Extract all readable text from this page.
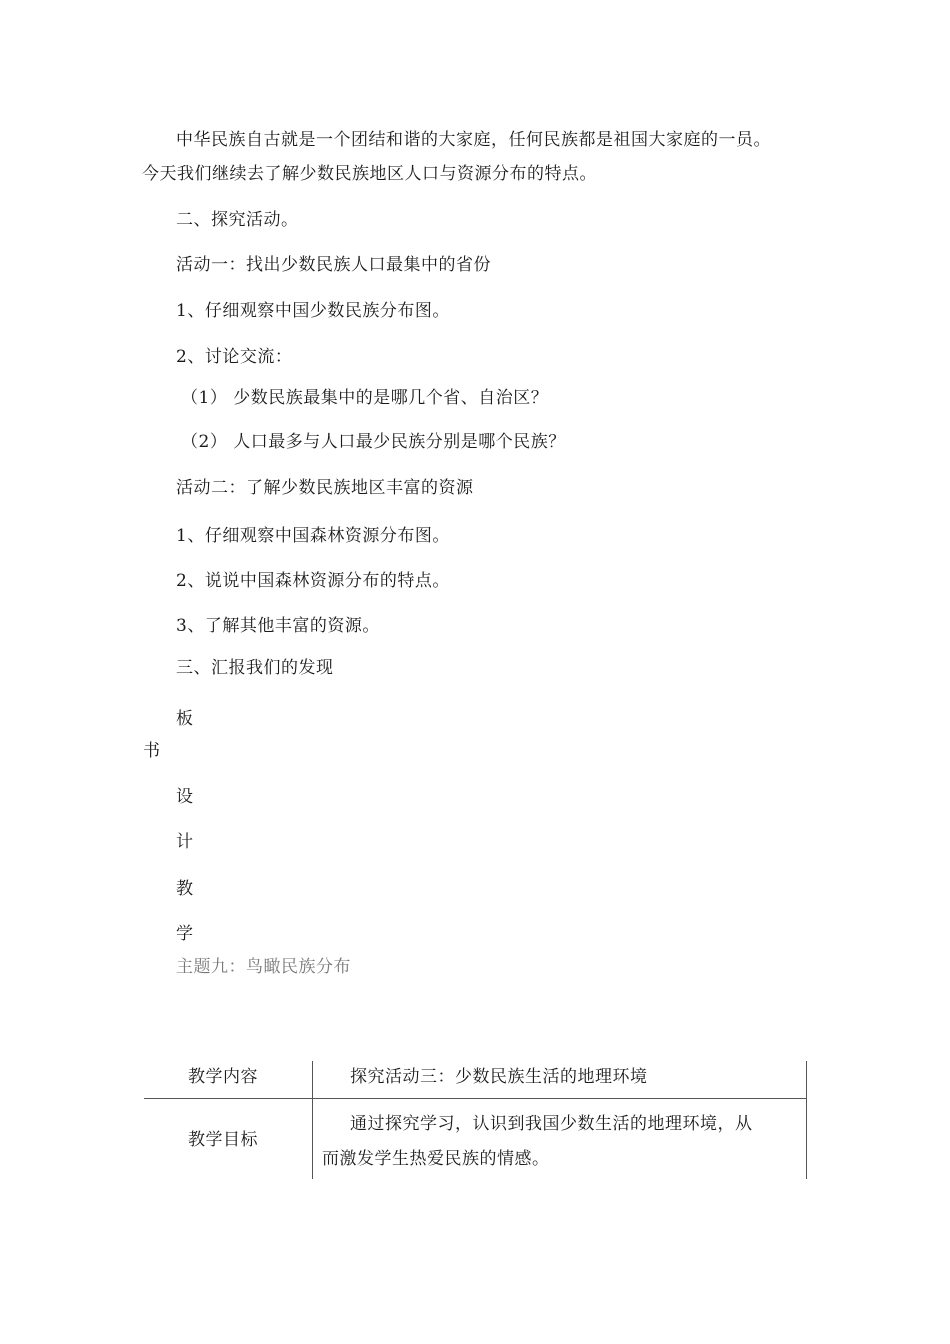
中华民族自古就是一个团结和谐的大家庭，任何民族都是祖国大家庭的一员。
今天我们继续去了解少数民族地区人口与资源分布的特点。
二、探究活动。
活动一：找出少数民族人口最集中的省份
1、仔细观察中国少数民族分布图。
2、讨论交流：
（1） 少数民族最集中的是哪几个省、自治区？
（2） 人口最多与人口最少民族分别是哪个民族？
活动二：了解少数民族地区丰富的资源
1、仔细观察中国森林资源分布图。
2、说说中国森林资源分布的特点。
3、了解其他丰富的资源。
三、汇报我们的发现
板
书
设
计
教
学
主题九：鸟瞰民族分布
教学内容	探究活动三：少数民族生活的地理环境
教学目标
通过探究学习，认识到我国少数生活的地理环境，从
而激发学生热爱民族的情感。
